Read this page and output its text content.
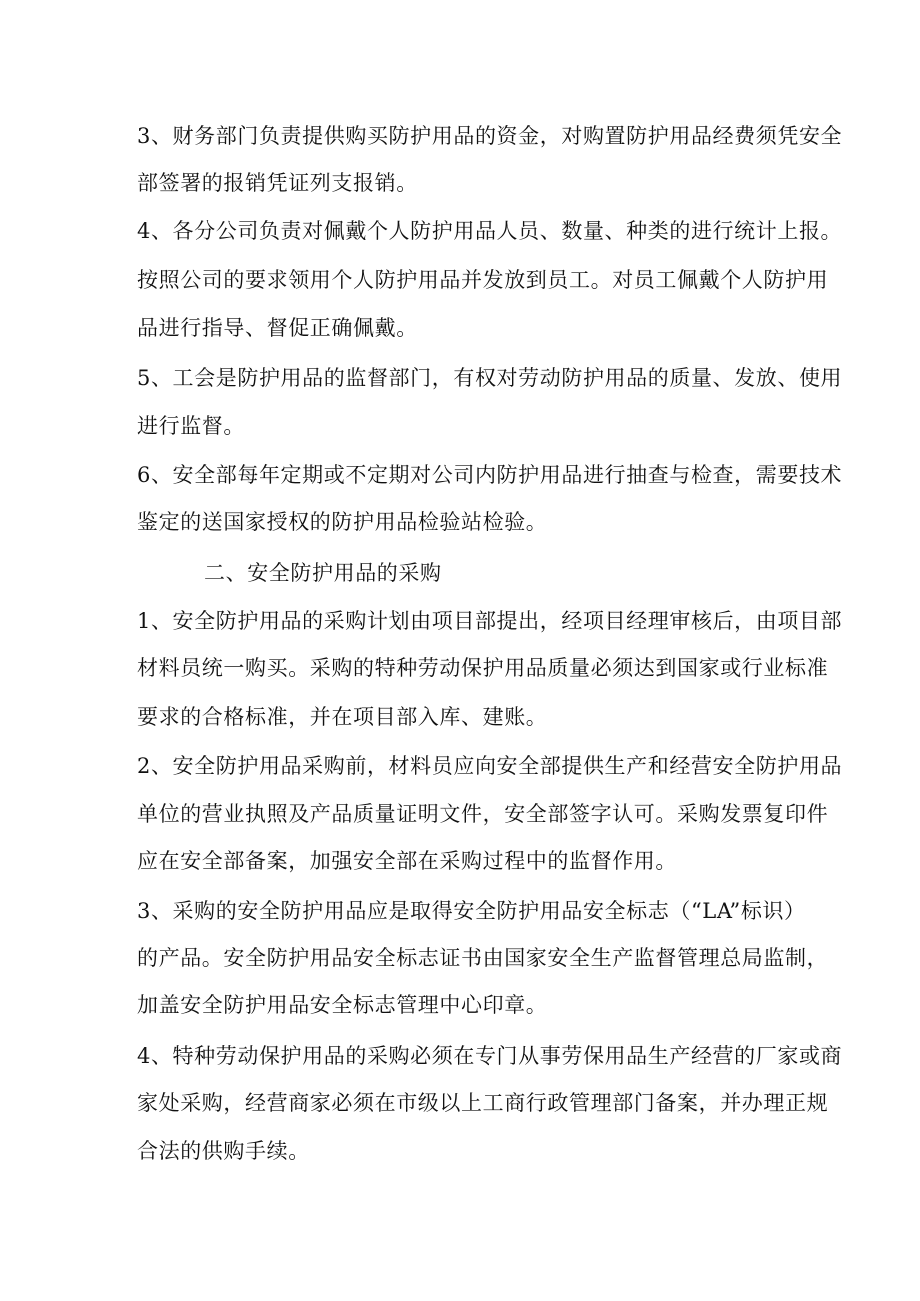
3、财务部门负责提供购买防护用品的资金，对购置防护用品经费须凭安全
部签署的报销凭证列支报销。
4、各分公司负责对佩戴个人防护用品人员、数量、种类的进行统计上报。
按照公司的要求领用个人防护用品并发放到员工。对员工佩戴个人防护用
品进行指导、督促正确佩戴。
5、工会是防护用品的监督部门，有权对劳动防护用品的质量、发放、使用
进行监督。
6、安全部每年定期或不定期对公司内防护用品进行抽查与检查，需要技术
鉴定的送国家授权的防护用品检验站检验。
二、安全防护用品的采购
1、安全防护用品的采购计划由项目部提出，经项目经理审核后，由项目部
材料员统一购买。采购的特种劳动保护用品质量必须达到国家或行业标准
要求的合格标准，并在项目部入库、建账。
2、安全防护用品采购前，材料员应向安全部提供生产和经营安全防护用品
单位的营业执照及产品质量证明文件，安全部签字认可。采购发票复印件
应在安全部备案，加强安全部在采购过程中的监督作用。
3、采购的安全防护用品应是取得安全防护用品安全标志（“LA”标识）
的产品。安全防护用品安全标志证书由国家安全生产监督管理总局监制，
加盖安全防护用品安全标志管理中心印章。
4、特种劳动保护用品的采购必须在专门从事劳保用品生产经营的厂家或商
家处采购，经营商家必须在市级以上工商行政管理部门备案，并办理正规
合法的供购手续。
